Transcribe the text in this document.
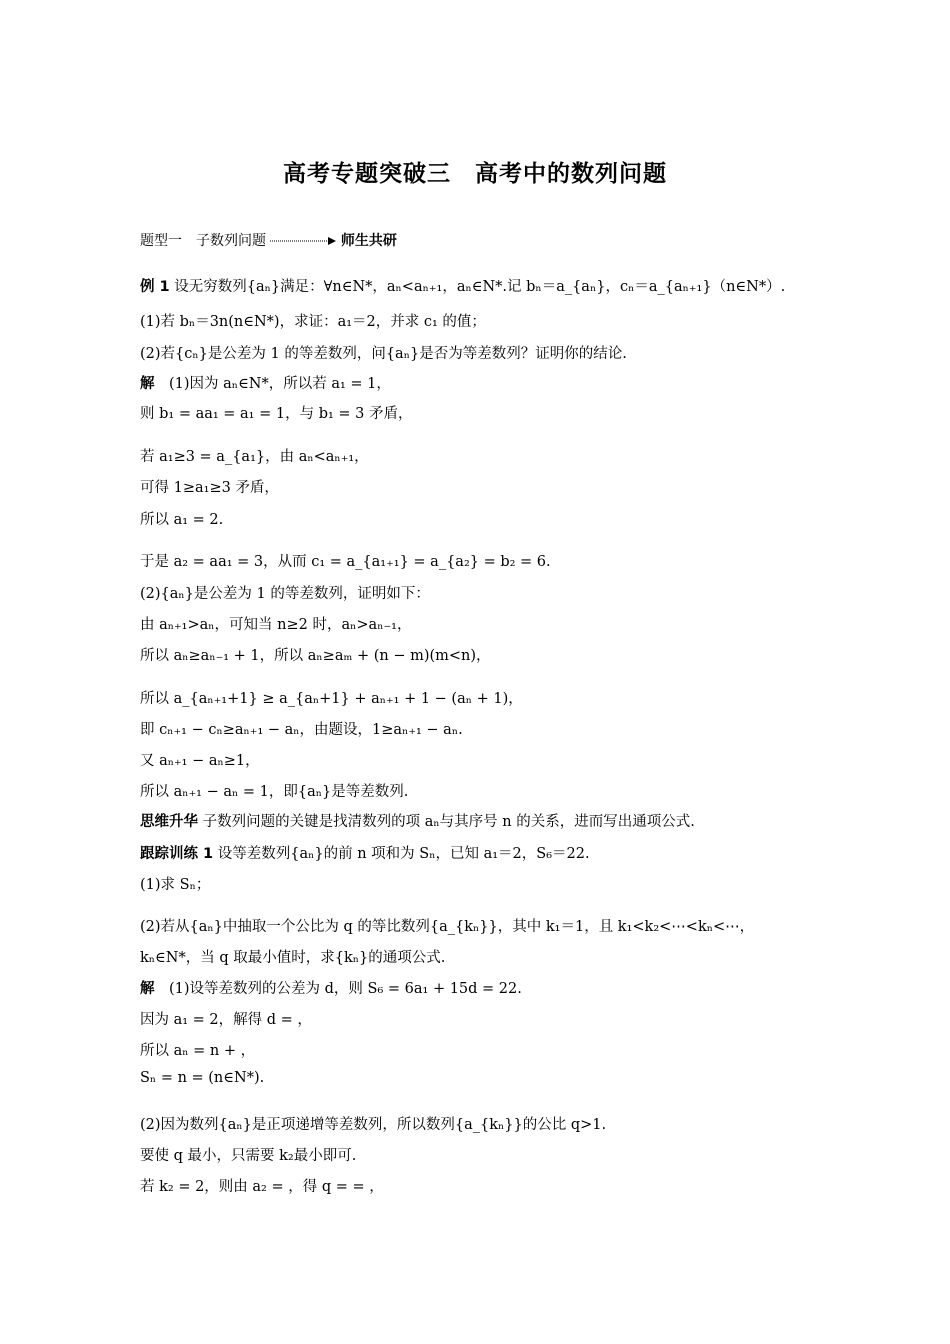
高考专题突破三　高考中的数列问题
题型一　子数列问题	师生共研
例 1 设无穷数列{aₙ}满足：∀n∈N*，aₙ<aₙ₊₁，aₙ∈N*.记 bₙ＝a_{aₙ}，cₙ＝a_{aₙ₊₁}（n∈N*）.
(1)若 bₙ＝3n(n∈N*)，求证：a₁＝2，并求 c₁ 的值；
(2)若{cₙ}是公差为 1 的等差数列，问{aₙ}是否为等差数列？证明你的结论.
解　(1)因为 aₙ∈N*，所以若 a₁ = 1，
则 b₁ = aa₁ = a₁ = 1，与 b₁ = 3 矛盾，
若 a₁≥3 = a_{a₁}，由 aₙ<aₙ₊₁，
可得 1≥a₁≥3 矛盾，
所以 a₁ = 2.
于是 a₂ = aa₁ = 3，从而 c₁ = a_{a₁₊₁} = a_{a₂} = b₂ = 6.
(2){aₙ}是公差为 1 的等差数列，证明如下：
由 aₙ₊₁>aₙ，可知当 n≥2 时，aₙ>aₙ₋₁，
所以 aₙ≥aₙ₋₁ + 1，所以 aₙ≥aₘ + (n − m)(m<n)，
所以 a_{aₙ₊₁+1} ≥ a_{aₙ+1} + aₙ₊₁ + 1 − (aₙ + 1)，
即 cₙ₊₁ − cₙ≥aₙ₊₁ − aₙ，由题设，1≥aₙ₊₁ − aₙ.
又 aₙ₊₁ − aₙ≥1，
所以 aₙ₊₁ − aₙ = 1，即{aₙ}是等差数列.
思维升华 子数列问题的关键是找清数列的项 aₙ与其序号 n 的关系，进而写出通项公式.
跟踪训练 1 设等差数列{aₙ}的前 n 项和为 Sₙ，已知 a₁＝2，S₆＝22.
(1)求 Sₙ；
(2)若从{aₙ}中抽取一个公比为 q 的等比数列{a_{kₙ}}，其中 k₁＝1，且 k₁<k₂<⋯<kₙ<⋯，
kₙ∈N*，当 q 取最小值时，求{kₙ}的通项公式.
解　(1)设等差数列的公差为 d，则 S₆ = 6a₁ + 15d = 22.
因为 a₁ = 2，解得 d = ，
所以 aₙ = n + ，
Sₙ = n = (n∈N*).
(2)因为数列{aₙ}是正项递增等差数列，所以数列{a_{kₙ}}的公比 q>1.
要使 q 最小，只需要 k₂最小即可.
若 k₂ = 2，则由 a₂ = ，得 q = = ，
